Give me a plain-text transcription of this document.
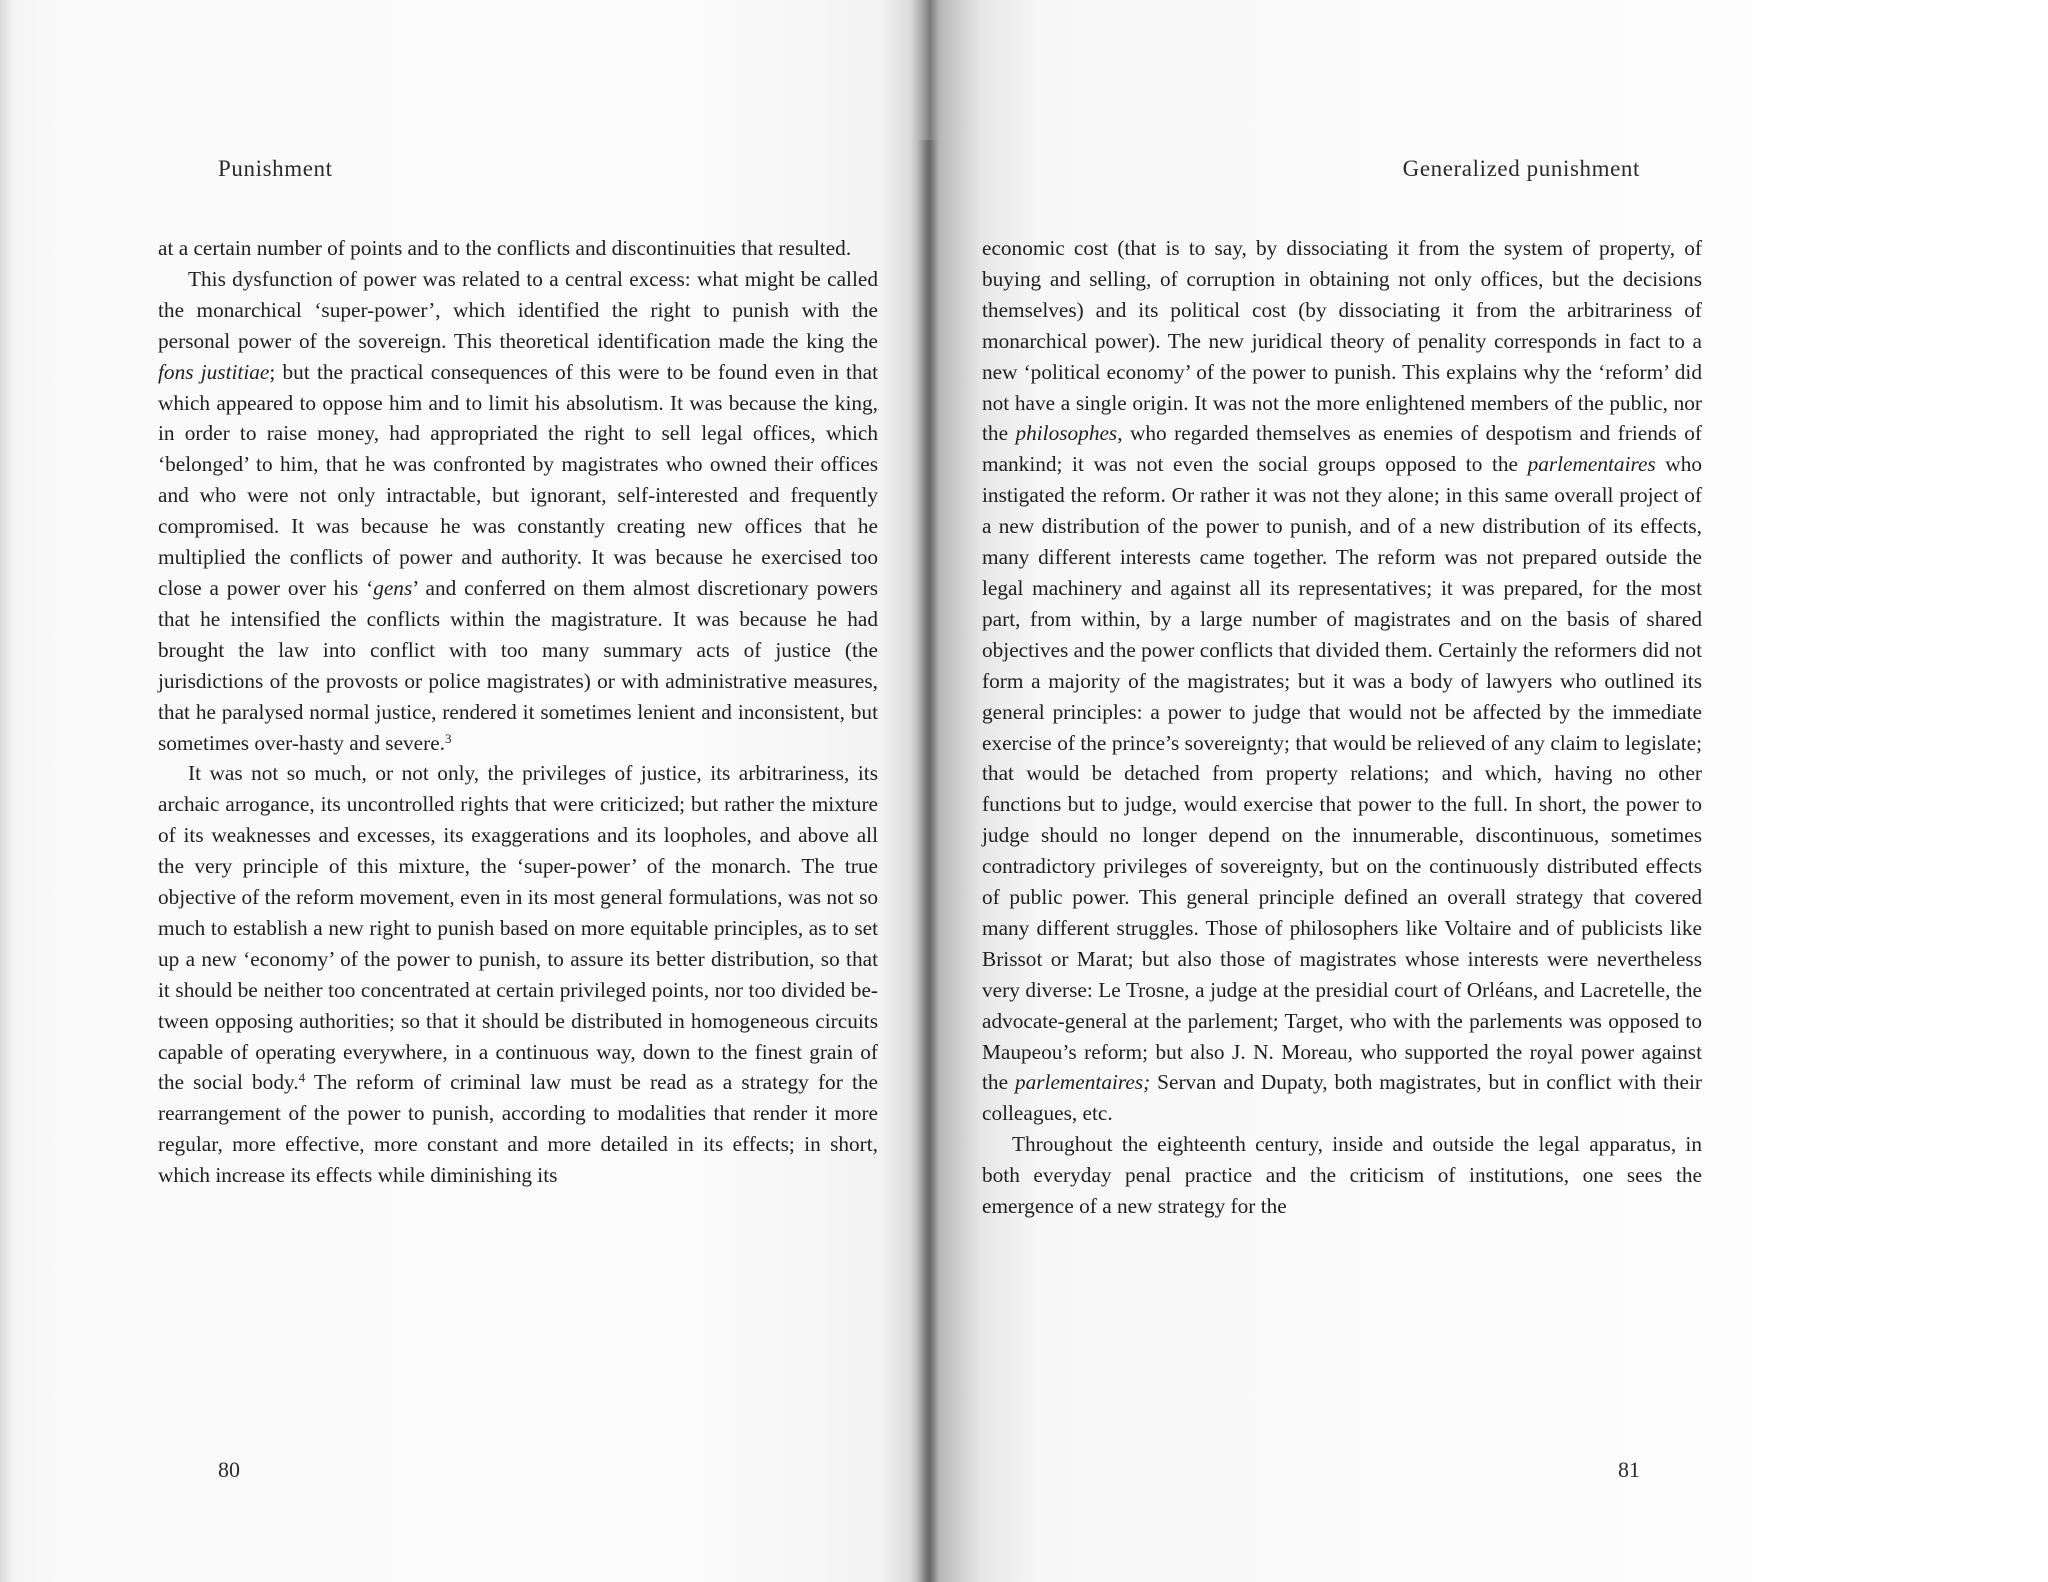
Punishment

at a certain number of points and to the conflicts and discontinuities that resulted.

This dysfunction of power was related to a central excess: what might be called the monarchical ‘super-power’, which identified the right to punish with the personal power of the sovereign. This theoretical identification made the king the fons justitiae; but the practical consequences of this were to be found even in that which appeared to oppose him and to limit his absolutism. It was because the king, in order to raise money, had appropriated the right to sell legal offices, which ‘belonged’ to him, that he was confronted by magistrates who owned their offices and who were not only intractable, but ignorant, self-interested and frequently compromised. It was because he was constantly creating new offices that he multiplied the conflicts of power and authority. It was because he exercised too close a power over his ‘gens’ and conferred on them almost discretionary powers that he intensified the conflicts within the magistrature. It was because he had brought the law into conflict with too many summary acts of justice (the jurisdictions of the provosts or police magistrates) or with administrative measures, that he paralysed normal justice, rendered it sometimes lenient and inconsistent, but sometimes over-hasty and severe.$^3$

It was not so much, or not only, the privileges of justice, its arbitrariness, its archaic arrogance, its uncontrolled rights that were criticized; but rather the mixture of its weaknesses and excesses, its exaggerations and its loopholes, and above all the very principle of this mixture, the ‘super-power’ of the monarch. The true objective of the reform movement, even in its most general formulations, was not so much to establish a new right to punish based on more equitable principles, as to set up a new ‘economy’ of the power to punish, to assure its better distribution, so that it should be neither too concentrated at certain privileged points, nor too divided between opposing authorities; so that it should be distributed in homogeneous circuits capable of operating everywhere, in a continuous way, down to the finest grain of the social body.$^4$ The reform of criminal law must be read as a strategy for the rearrangement of the power to punish, according to modalities that render it more regular, more effective, more constant and more detailed in its effects; in short, which increase its effects while diminishing its

80
Generalized punishment

economic cost (that is to say, by dissociating it from the system of property, of buying and selling, of corruption in obtaining not only offices, but the decisions themselves) and its political cost (by dissociating it from the arbitrariness of monarchical power). The new juridical theory of penality corresponds in fact to a new ‘political economy’ of the power to punish. This explains why the ‘reform’ did not have a single origin. It was not the more enlightened members of the public, nor the philosophes, who regarded themselves as enemies of despotism and friends of mankind; it was not even the social groups opposed to the parlementaires who instigated the reform. Or rather it was not they alone; in this same overall project of a new distribution of the power to punish, and of a new distribution of its effects, many different interests came together. The reform was not prepared outside the legal machinery and against all its representatives; it was prepared, for the most part, from within, by a large number of magistrates and on the basis of shared objectives and the power conflicts that divided them. Certainly the reformers did not form a majority of the magistrates; but it was a body of lawyers who outlined its general principles: a power to judge that would not be affected by the immediate exercise of the prince’s sovereignty; that would be relieved of any claim to legislate; that would be detached from property relations; and which, having no other functions but to judge, would exercise that power to the full. In short, the power to judge should no longer depend on the innumerable, discontinuous, sometimes contradictory privileges of sovereignty, but on the continuously distributed effects of public power. This general principle defined an overall strategy that covered many different struggles. Those of philosophers like Voltaire and of publicists like Brissot or Marat; but also those of magistrates whose interests were nevertheless very diverse: Le Trosne, a judge at the presidial court of Orléans, and Lacretelle, the advocate-general at the parlement; Target, who with the parlements was opposed to Maupeou’s reform; but also J. N. Moreau, who supported the royal power against the parlementaires; Servan and Dupaty, both magistrates, but in conflict with their colleagues, etc.

Throughout the eighteenth century, inside and outside the legal apparatus, in both everyday penal practice and the criticism of institutions, one sees the emergence of a new strategy for the

81
